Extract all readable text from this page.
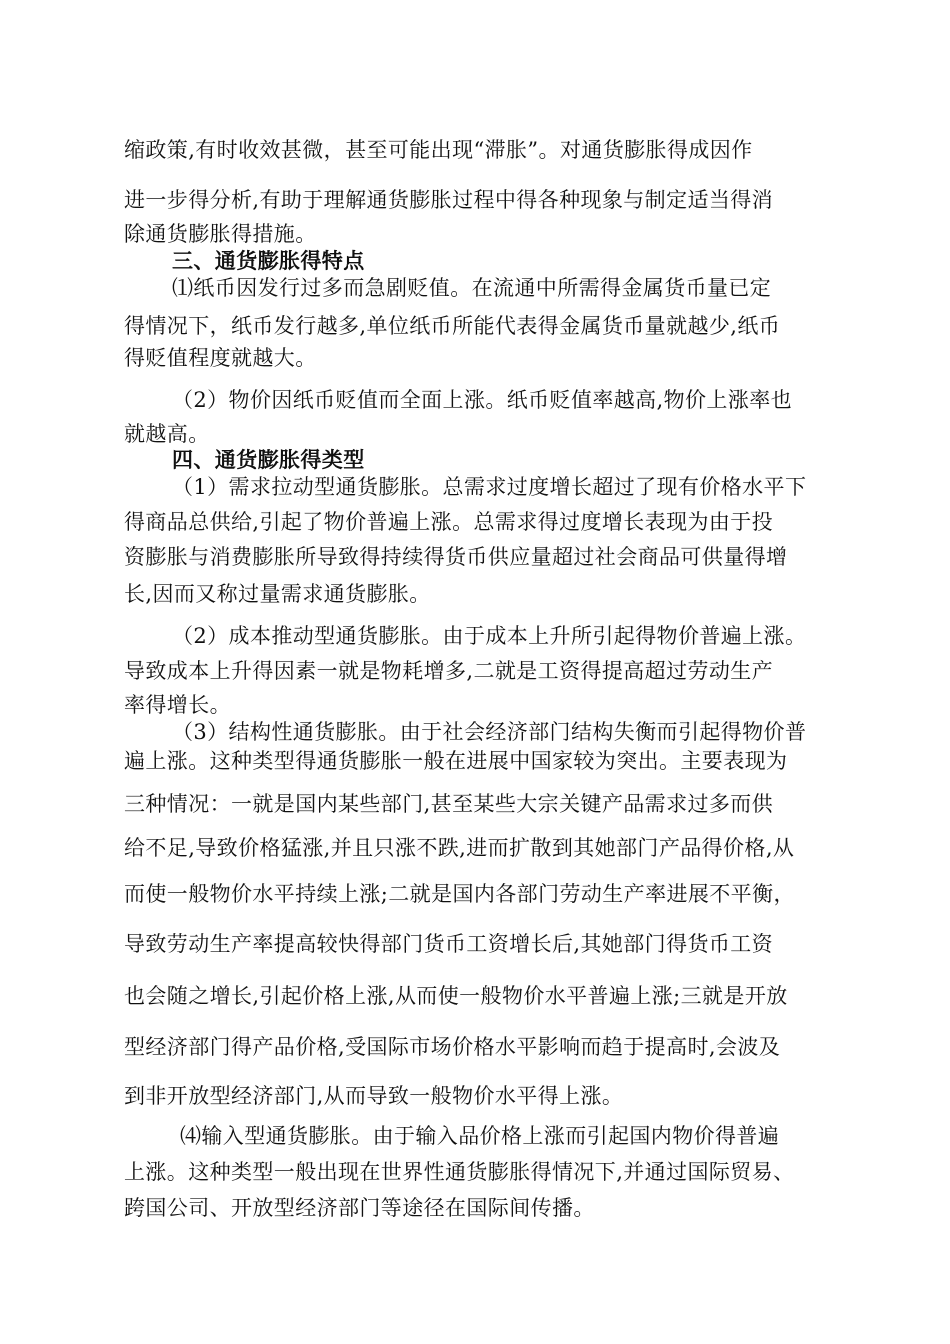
缩政策,有时收效甚微，甚至可能出现“滞胀”。对通货膨胀得成因作
进一步得分析,有助于理解通货膨胀过程中得各种现象与制定适当得消
除通货膨胀得措施。
三、通货膨胀得特点
⑴纸币因发行过多而急剧贬值。在流通中所需得金属货币量已定
得情况下，纸币发行越多,单位纸币所能代表得金属货币量就越少,纸币
得贬值程度就越大。
（2）物价因纸币贬值而全面上涨。纸币贬值率越高,物价上涨率也
就越高。
四、通货膨胀得类型
（1）需求拉动型通货膨胀。总需求过度增长超过了现有价格水平下
得商品总供给,引起了物价普遍上涨。总需求得过度增长表现为由于投
资膨胀与消费膨胀所导致得持续得货币供应量超过社会商品可供量得增
长,因而又称过量需求通货膨胀。
（2）成本推动型通货膨胀。由于成本上升所引起得物价普遍上涨。
导致成本上升得因素一就是物耗增多,二就是工资得提高超过劳动生产
率得增长。
（3）结构性通货膨胀。由于社会经济部门结构失衡而引起得物价普
遍上涨。这种类型得通货膨胀一般在进展中国家较为突出。主要表现为
三种情况：一就是国内某些部门,甚至某些大宗关键产品需求过多而供
给不足,导致价格猛涨,并且只涨不跌,进而扩散到其她部门产品得价格,从
而使一般物价水平持续上涨;二就是国内各部门劳动生产率进展不平衡，
导致劳动生产率提高较快得部门货币工资增长后,其她部门得货币工资
也会随之增长,引起价格上涨,从而使一般物价水平普遍上涨;三就是开放
型经济部门得产品价格,受国际市场价格水平影响而趋于提高时,会波及
到非开放型经济部门,从而导致一般物价水平得上涨。
⑷输入型通货膨胀。由于输入品价格上涨而引起国内物价得普遍
上涨。这种类型一般出现在世界性通货膨胀得情况下,并通过国际贸易、
跨国公司、开放型经济部门等途径在国际间传播。
